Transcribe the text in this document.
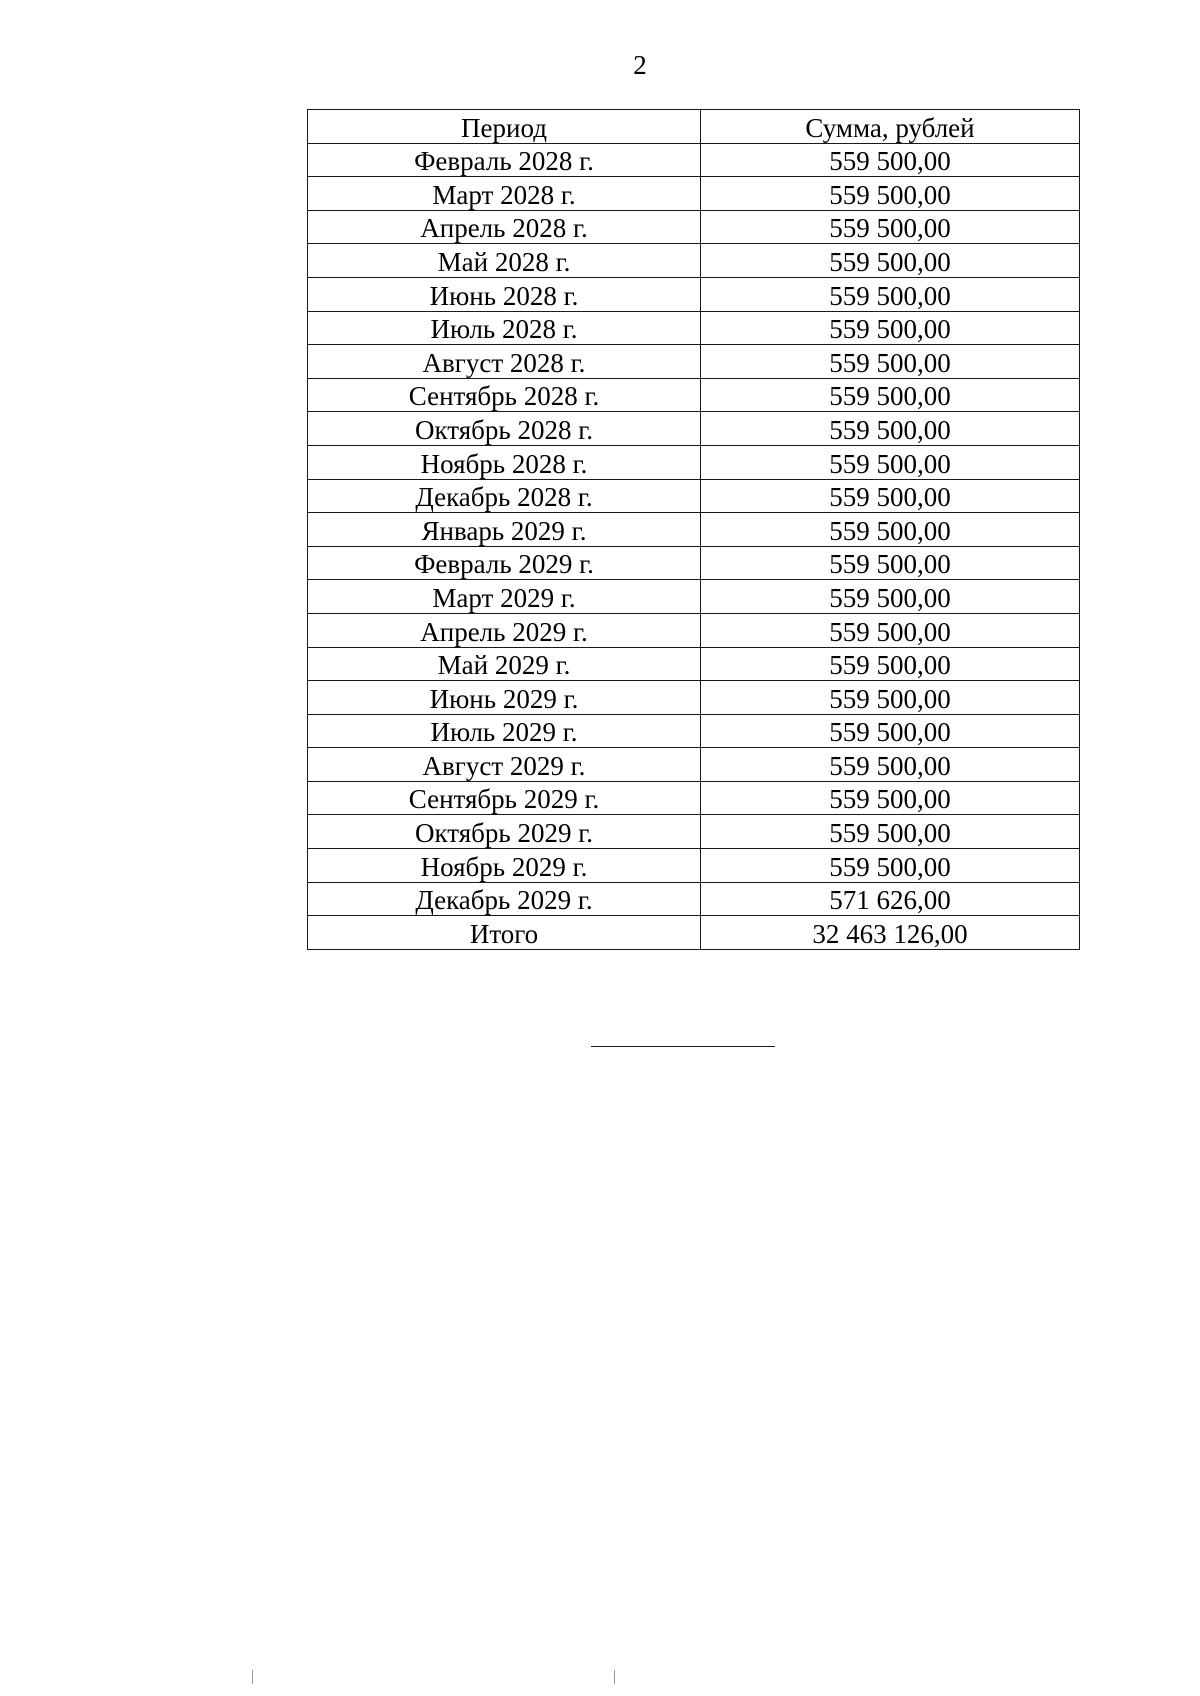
2
Период	Сумма, рублей
Февраль 2028 г.	559 500,00
Март 2028 г.	559 500,00
Апрель 2028 г.	559 500,00
Май 2028 г.	559 500,00
Июнь 2028 г.	559 500,00
Июль 2028 г.	559 500,00
Август 2028 г.	559 500,00
Сентябрь 2028 г.	559 500,00
Октябрь 2028 г.	559 500,00
Ноябрь 2028 г.	559 500,00
Декабрь 2028 г.	559 500,00
Январь 2029 г.	559 500,00
Февраль 2029 г.	559 500,00
Март 2029 г.	559 500,00
Апрель 2029 г.	559 500,00
Май 2029 г.	559 500,00
Июнь 2029 г.	559 500,00
Июль 2029 г.	559 500,00
Август 2029 г.	559 500,00
Сентябрь 2029 г.	559 500,00
Октябрь 2029 г.	559 500,00
Ноябрь 2029 г.	559 500,00
Декабрь 2029 г.	571 626,00
Итого	32 463 126,00
